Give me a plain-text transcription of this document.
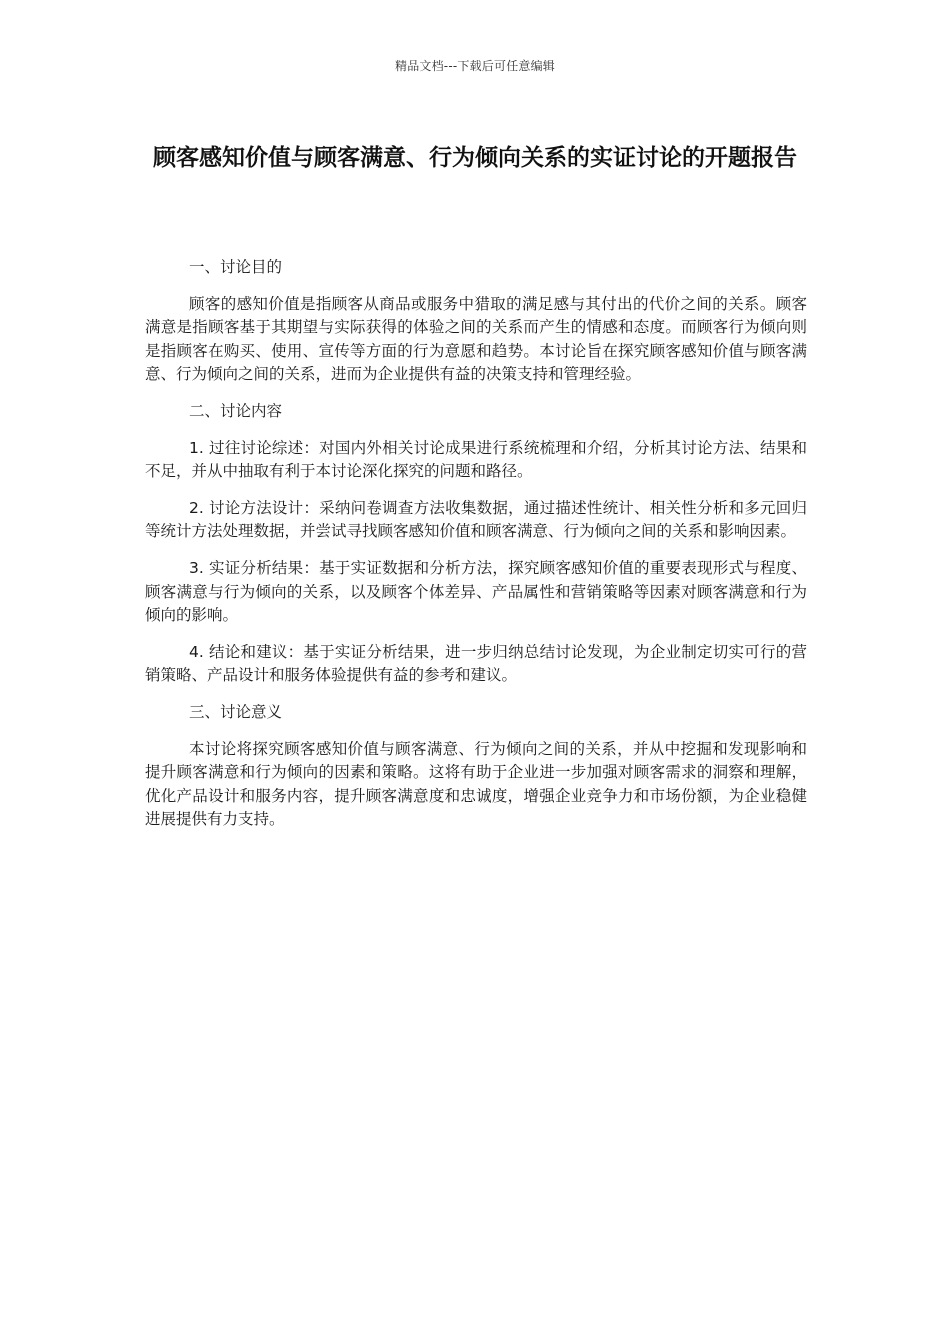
精品文档---下载后可任意编辑
顾客感知价值与顾客满意、行为倾向关系的实证讨论的开题报告

一、讨论目的

顾客的感知价值是指顾客从商品或服务中猎取的满足感与其付出的代价之间的关系。顾客满意是指顾客基于其期望与实际获得的体验之间的关系而产生的情感和态度。而顾客行为倾向则是指顾客在购买、使用、宣传等方面的行为意愿和趋势。本讨论旨在探究顾客感知价值与顾客满意、行为倾向之间的关系，进而为企业提供有益的决策支持和管理经验。

二、讨论内容

1. 过往讨论综述：对国内外相关讨论成果进行系统梳理和介绍，分析其讨论方法、结果和不足，并从中抽取有利于本讨论深化探究的问题和路径。

2. 讨论方法设计：采纳问卷调查方法收集数据，通过描述性统计、相关性分析和多元回归等统计方法处理数据，并尝试寻找顾客感知价值和顾客满意、行为倾向之间的关系和影响因素。

3. 实证分析结果：基于实证数据和分析方法，探究顾客感知价值的重要表现形式与程度、顾客满意与行为倾向的关系，以及顾客个体差异、产品属性和营销策略等因素对顾客满意和行为倾向的影响。

4. 结论和建议：基于实证分析结果，进一步归纳总结讨论发现，为企业制定切实可行的营销策略、产品设计和服务体验提供有益的参考和建议。

三、讨论意义

本讨论将探究顾客感知价值与顾客满意、行为倾向之间的关系，并从中挖掘和发现影响和提升顾客满意和行为倾向的因素和策略。这将有助于企业进一步加强对顾客需求的洞察和理解，优化产品设计和服务内容，提升顾客满意度和忠诚度，增强企业竞争力和市场份额，为企业稳健进展提供有力支持。
